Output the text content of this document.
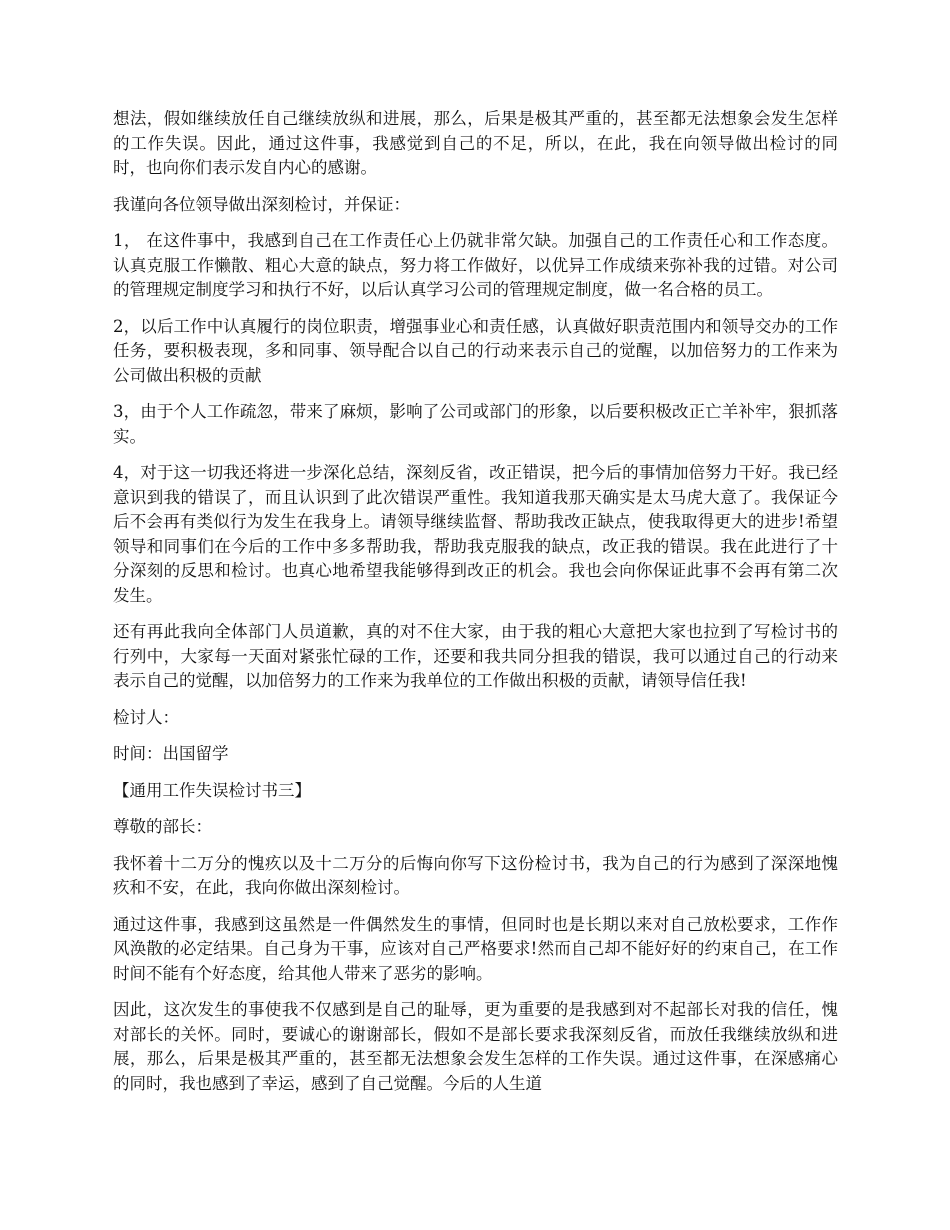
想法，假如继续放任自己继续放纵和进展，那么，后果是极其严重的，甚至都无法想象会发生怎样的工作失误。因此，通过这件事，我感觉到自己的不足，所以，在此，我在向领导做出检讨的同时，也向你们表示发自内心的感谢。

我谨向各位领导做出深刻检讨，并保证：

1， 在这件事中，我感到自己在工作责任心上仍就非常欠缺。加强自己的工作责任心和工作态度。认真克服工作懒散、粗心大意的缺点，努力将工作做好，以优异工作成绩来弥补我的过错。对公司的管理规定制度学习和执行不好，以后认真学习公司的管理规定制度，做一名合格的员工。

2，以后工作中认真履行的岗位职责，增强事业心和责任感，认真做好职责范围内和领导交办的工作任务，要积极表现，多和同事、领导配合以自己的行动来表示自己的觉醒，以加倍努力的工作来为公司做出积极的贡献

3，由于个人工作疏忽，带来了麻烦，影响了公司或部门的形象，以后要积极改正亡羊补牢，狠抓落实。

4，对于这一切我还将进一步深化总结，深刻反省，改正错误，把今后的事情加倍努力干好。我已经意识到我的错误了，而且认识到了此次错误严重性。我知道我那天确实是太马虎大意了。我保证今后不会再有类似行为发生在我身上。请领导继续监督、帮助我改正缺点，使我取得更大的进步!希望领导和同事们在今后的工作中多多帮助我，帮助我克服我的缺点，改正我的错误。我在此进行了十分深刻的反思和检讨。也真心地希望我能够得到改正的机会。我也会向你保证此事不会再有第二次发生。

还有再此我向全体部门人员道歉，真的对不住大家，由于我的粗心大意把大家也拉到了写检讨书的行列中，大家每一天面对紧张忙碌的工作，还要和我共同分担我的错误，我可以通过自己的行动来表示自己的觉醒，以加倍努力的工作来为我单位的工作做出积极的贡献，请领导信任我!

检讨人：

时间：出国留学

【通用工作失误检讨书三】

尊敬的部长：

我怀着十二万分的愧疚以及十二万分的后悔向你写下这份检讨书，我为自己的行为感到了深深地愧疚和不安，在此，我向你做出深刻检讨。

通过这件事，我感到这虽然是一件偶然发生的事情，但同时也是长期以来对自己放松要求，工作作风涣散的必定结果。自己身为干事，应该对自己严格要求!然而自己却不能好好的约束自己，在工作时间不能有个好态度，给其他人带来了恶劣的影响。

因此，这次发生的事使我不仅感到是自己的耻辱，更为重要的是我感到对不起部长对我的信任，愧对部长的关怀。同时，要诚心的谢谢部长，假如不是部长要求我深刻反省，而放任我继续放纵和进展，那么，后果是极其严重的，甚至都无法想象会发生怎样的工作失误。通过这件事，在深感痛心的同时，我也感到了幸运，感到了自己觉醒。今后的人生道
